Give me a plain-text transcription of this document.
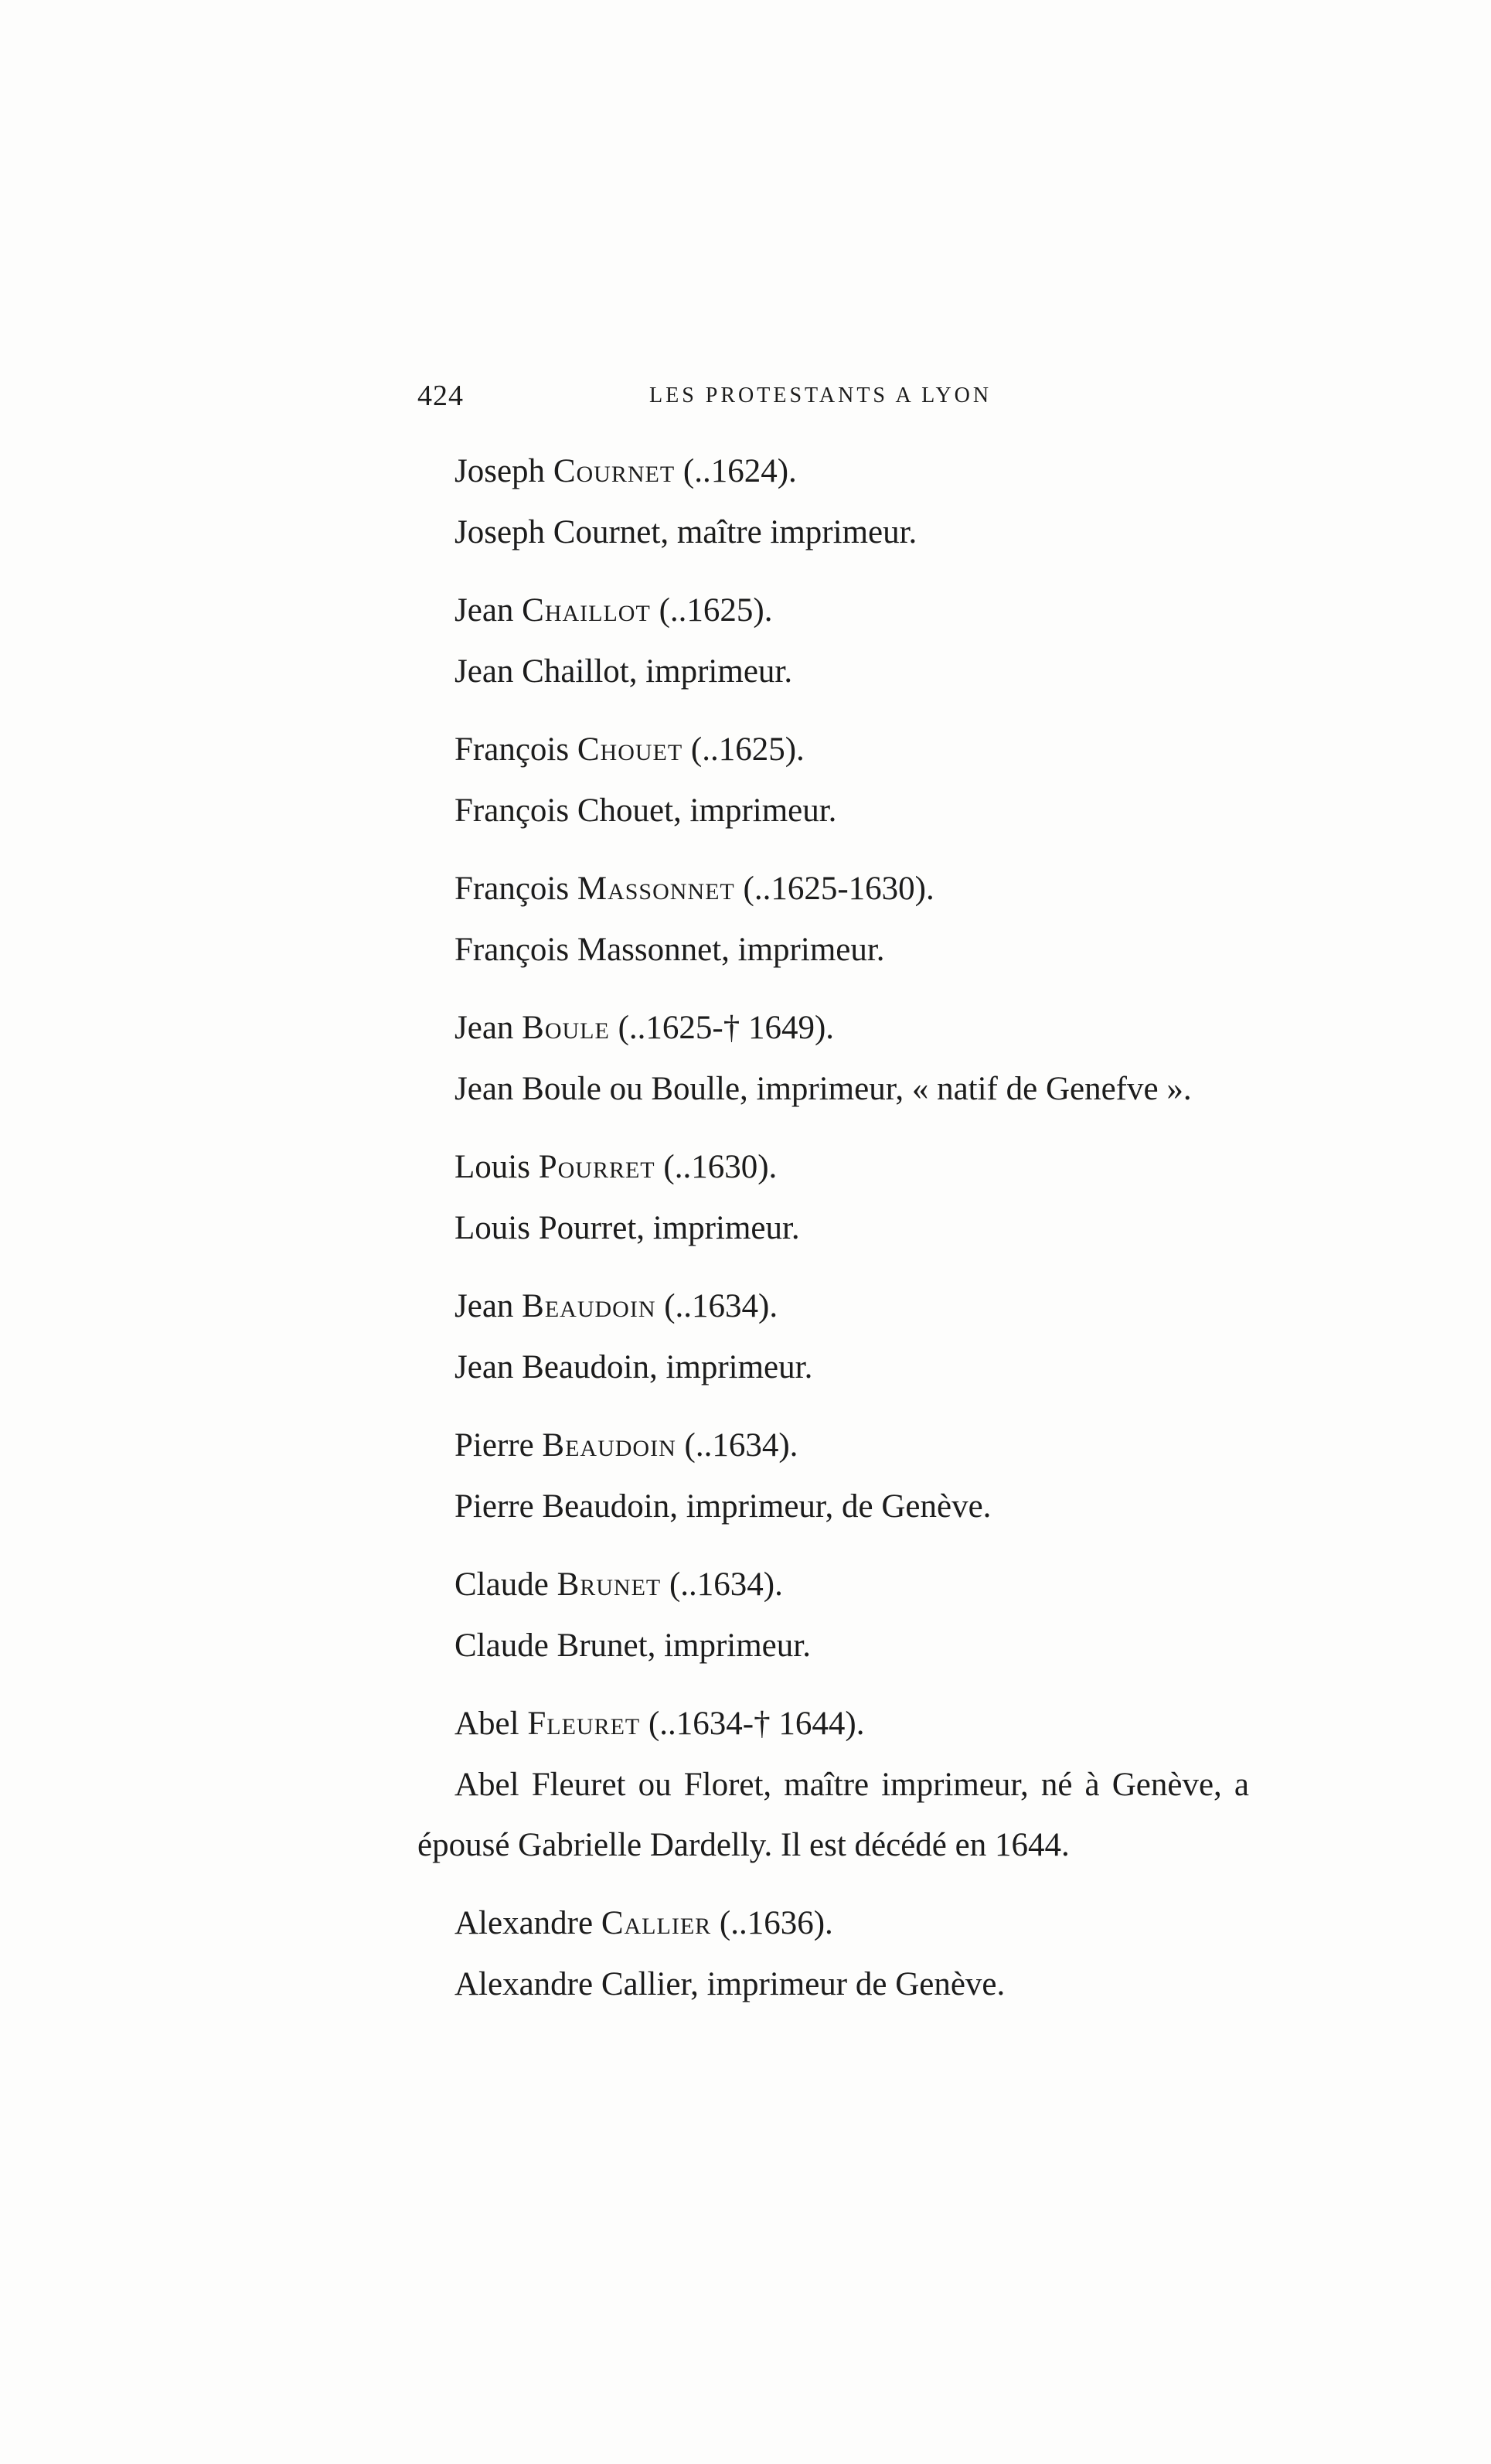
424	LES PROTESTANTS A LYON
Joseph Cournet (..1624).
Joseph Cournet, maître imprimeur.
Jean Chaillot (..1625).
Jean Chaillot, imprimeur.
François Chouet (..1625).
François Chouet, imprimeur.
François Massonnet (..1625-1630).
François Massonnet, imprimeur.
Jean Boule (..1625-† 1649).
Jean Boule ou Boulle, imprimeur, « natif de Genefve ».
Louis Pourret (..1630).
Louis Pourret, imprimeur.
Jean Beaudoin (..1634).
Jean Beaudoin, imprimeur.
Pierre Beaudoin (..1634).
Pierre Beaudoin, imprimeur, de Genève.
Claude Brunet (..1634).
Claude Brunet, imprimeur.
Abel Fleuret (..1634-† 1644).
Abel Fleuret ou Floret, maître imprimeur, né à Genève, a épousé Gabrielle Dardelly. Il est décédé en 1644.
Alexandre Callier (..1636).
Alexandre Callier, imprimeur de Genève.
